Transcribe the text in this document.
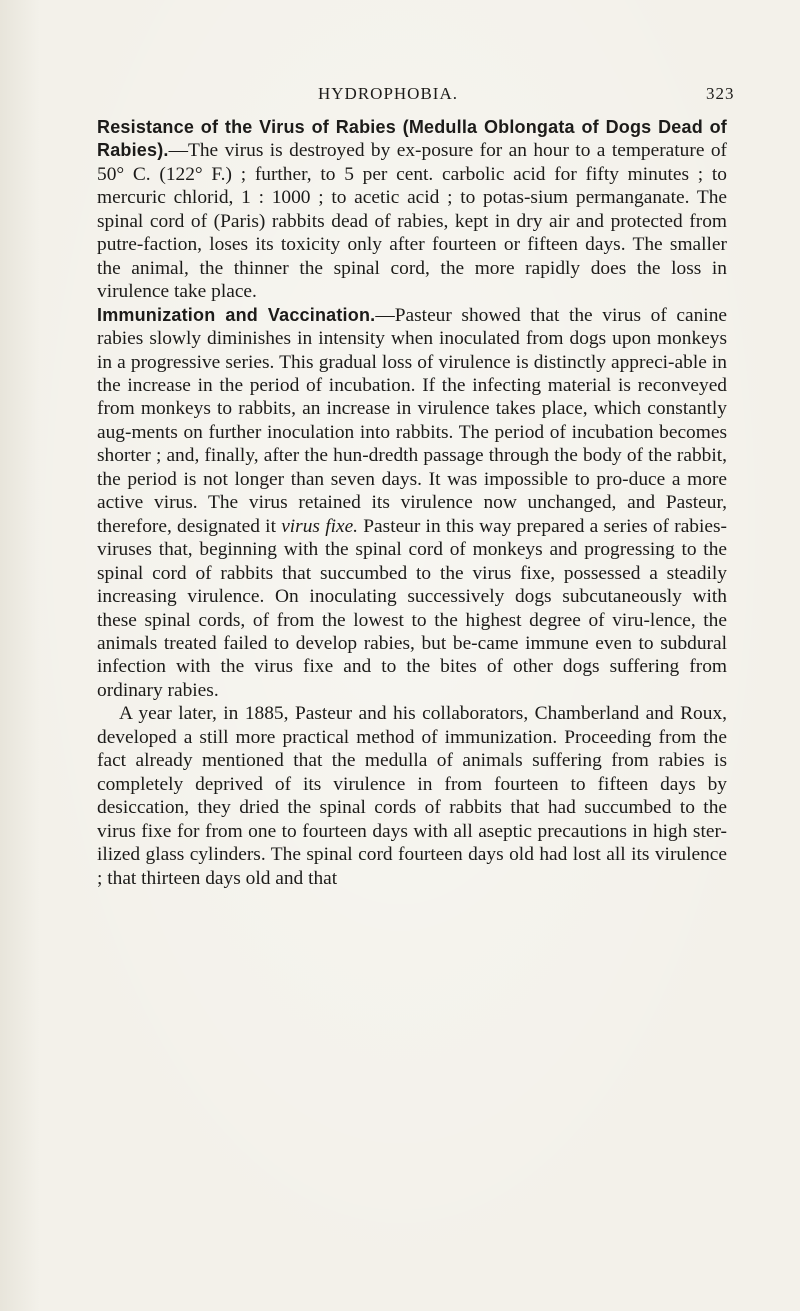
HYDROPHOBIA.	323

Resistance of the Virus of Rabies (Medulla Oblongata of Dogs Dead of Rabies).—The virus is destroyed by ex-posure for an hour to a temperature of 50° C. (122° F.) ; further, to 5 per cent. carbolic acid for fifty minutes ; to mercuric chlorid, 1 : 1000 ; to acetic acid ; to potas-sium permanganate. The spinal cord of (Paris) rabbits dead of rabies, kept in dry air and protected from putre-faction, loses its toxicity only after fourteen or fifteen days. The smaller the animal, the thinner the spinal cord, the more rapidly does the loss in virulence take place.

Immunization and Vaccination.—Pasteur showed that the virus of canine rabies slowly diminishes in intensity when inoculated from dogs upon monkeys in a progressive series. This gradual loss of virulence is distinctly appreci-able in the increase in the period of incubation. If the infecting material is reconveyed from monkeys to rabbits, an increase in virulence takes place, which constantly aug-ments on further inoculation into rabbits. The period of incubation becomes shorter ; and, finally, after the hun-dredth passage through the body of the rabbit, the period is not longer than seven days. It was impossible to pro-duce a more active virus. The virus retained its virulence now unchanged, and Pasteur, therefore, designated it virus fixe. Pasteur in this way prepared a series of rabies-viruses that, beginning with the spinal cord of monkeys and progressing to the spinal cord of rabbits that succumbed to the virus fixe, possessed a steadily increasing virulence. On inoculating successively dogs subcutaneously with these spinal cords, of from the lowest to the highest degree of viru-lence, the animals treated failed to develop rabies, but be-came immune even to subdural infection with the virus fixe and to the bites of other dogs suffering from ordinary rabies.

A year later, in 1885, Pasteur and his collaborators, Chamberland and Roux, developed a still more practical method of immunization. Proceeding from the fact already mentioned that the medulla of animals suffering from rabies is completely deprived of its virulence in from fourteen to fifteen days by desiccation, they dried the spinal cords of rabbits that had succumbed to the virus fixe for from one to fourteen days with all aseptic precautions in high ster-ilized glass cylinders. The spinal cord fourteen days old had lost all its virulence ; that thirteen days old and that
